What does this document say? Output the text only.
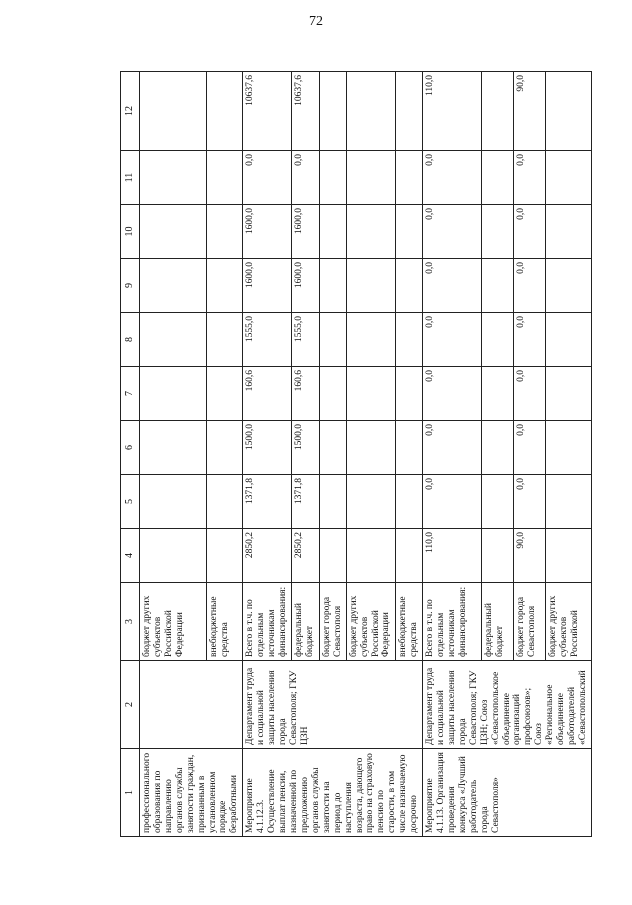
72
1	2	3	4	5	6	7	8	9	10	11	12
профессионального образования по направлению органов службы занятости граждан, признанным в установленном порядке безработными		бюджет других субъектов Российской Федерации									
		внебюджетные средства									
Мероприятие 4.1.12.3. Осуществление выплат пенсии, назначенной по предложению органов службы занятости на период до наступления возраста, дающего право на страховую пенсию по старости, в том числе назначаемую досрочно	Департамент труда и социальной защиты населения города Севастополя; ГКУ ЦЗН	Всего в т.ч. по отдельным источникам финансирования:	2850,2	1371,8	1500,0	160,6	1555,0	1600,0	1600,0	0,0	10637,6
		федеральный бюджет	2850,2	1371,8	1500,0	160,6	1555,0	1600,0	1600,0	0,0	10637,6
		бюджет города Севастополя									
		бюджет других субъектов Российской Федерации									
		внебюджетные средства									
Мероприятие 4.1.13. Организация проведения конкурса «Лучший работодатель города Севастополя»	Департамент труда и социальной защиты населения города Севастополя; ГКУ ЦЗН; Союз «Севастопольское объединение организаций профсоюзов»; Союз «Региональное объединение работодателей «Севастопольский	Всего в т.ч. по отдельным источникам финансирования:	110,0	0,0	0,0	0,0	0,0	0,0	0,0	0,0	110,0
		федеральный бюджет									
		бюджет города Севастополя	90,0	0,0	0,0	0,0	0,0	0,0	0,0	0,0	90,0
		бюджет других субъектов Российской									
